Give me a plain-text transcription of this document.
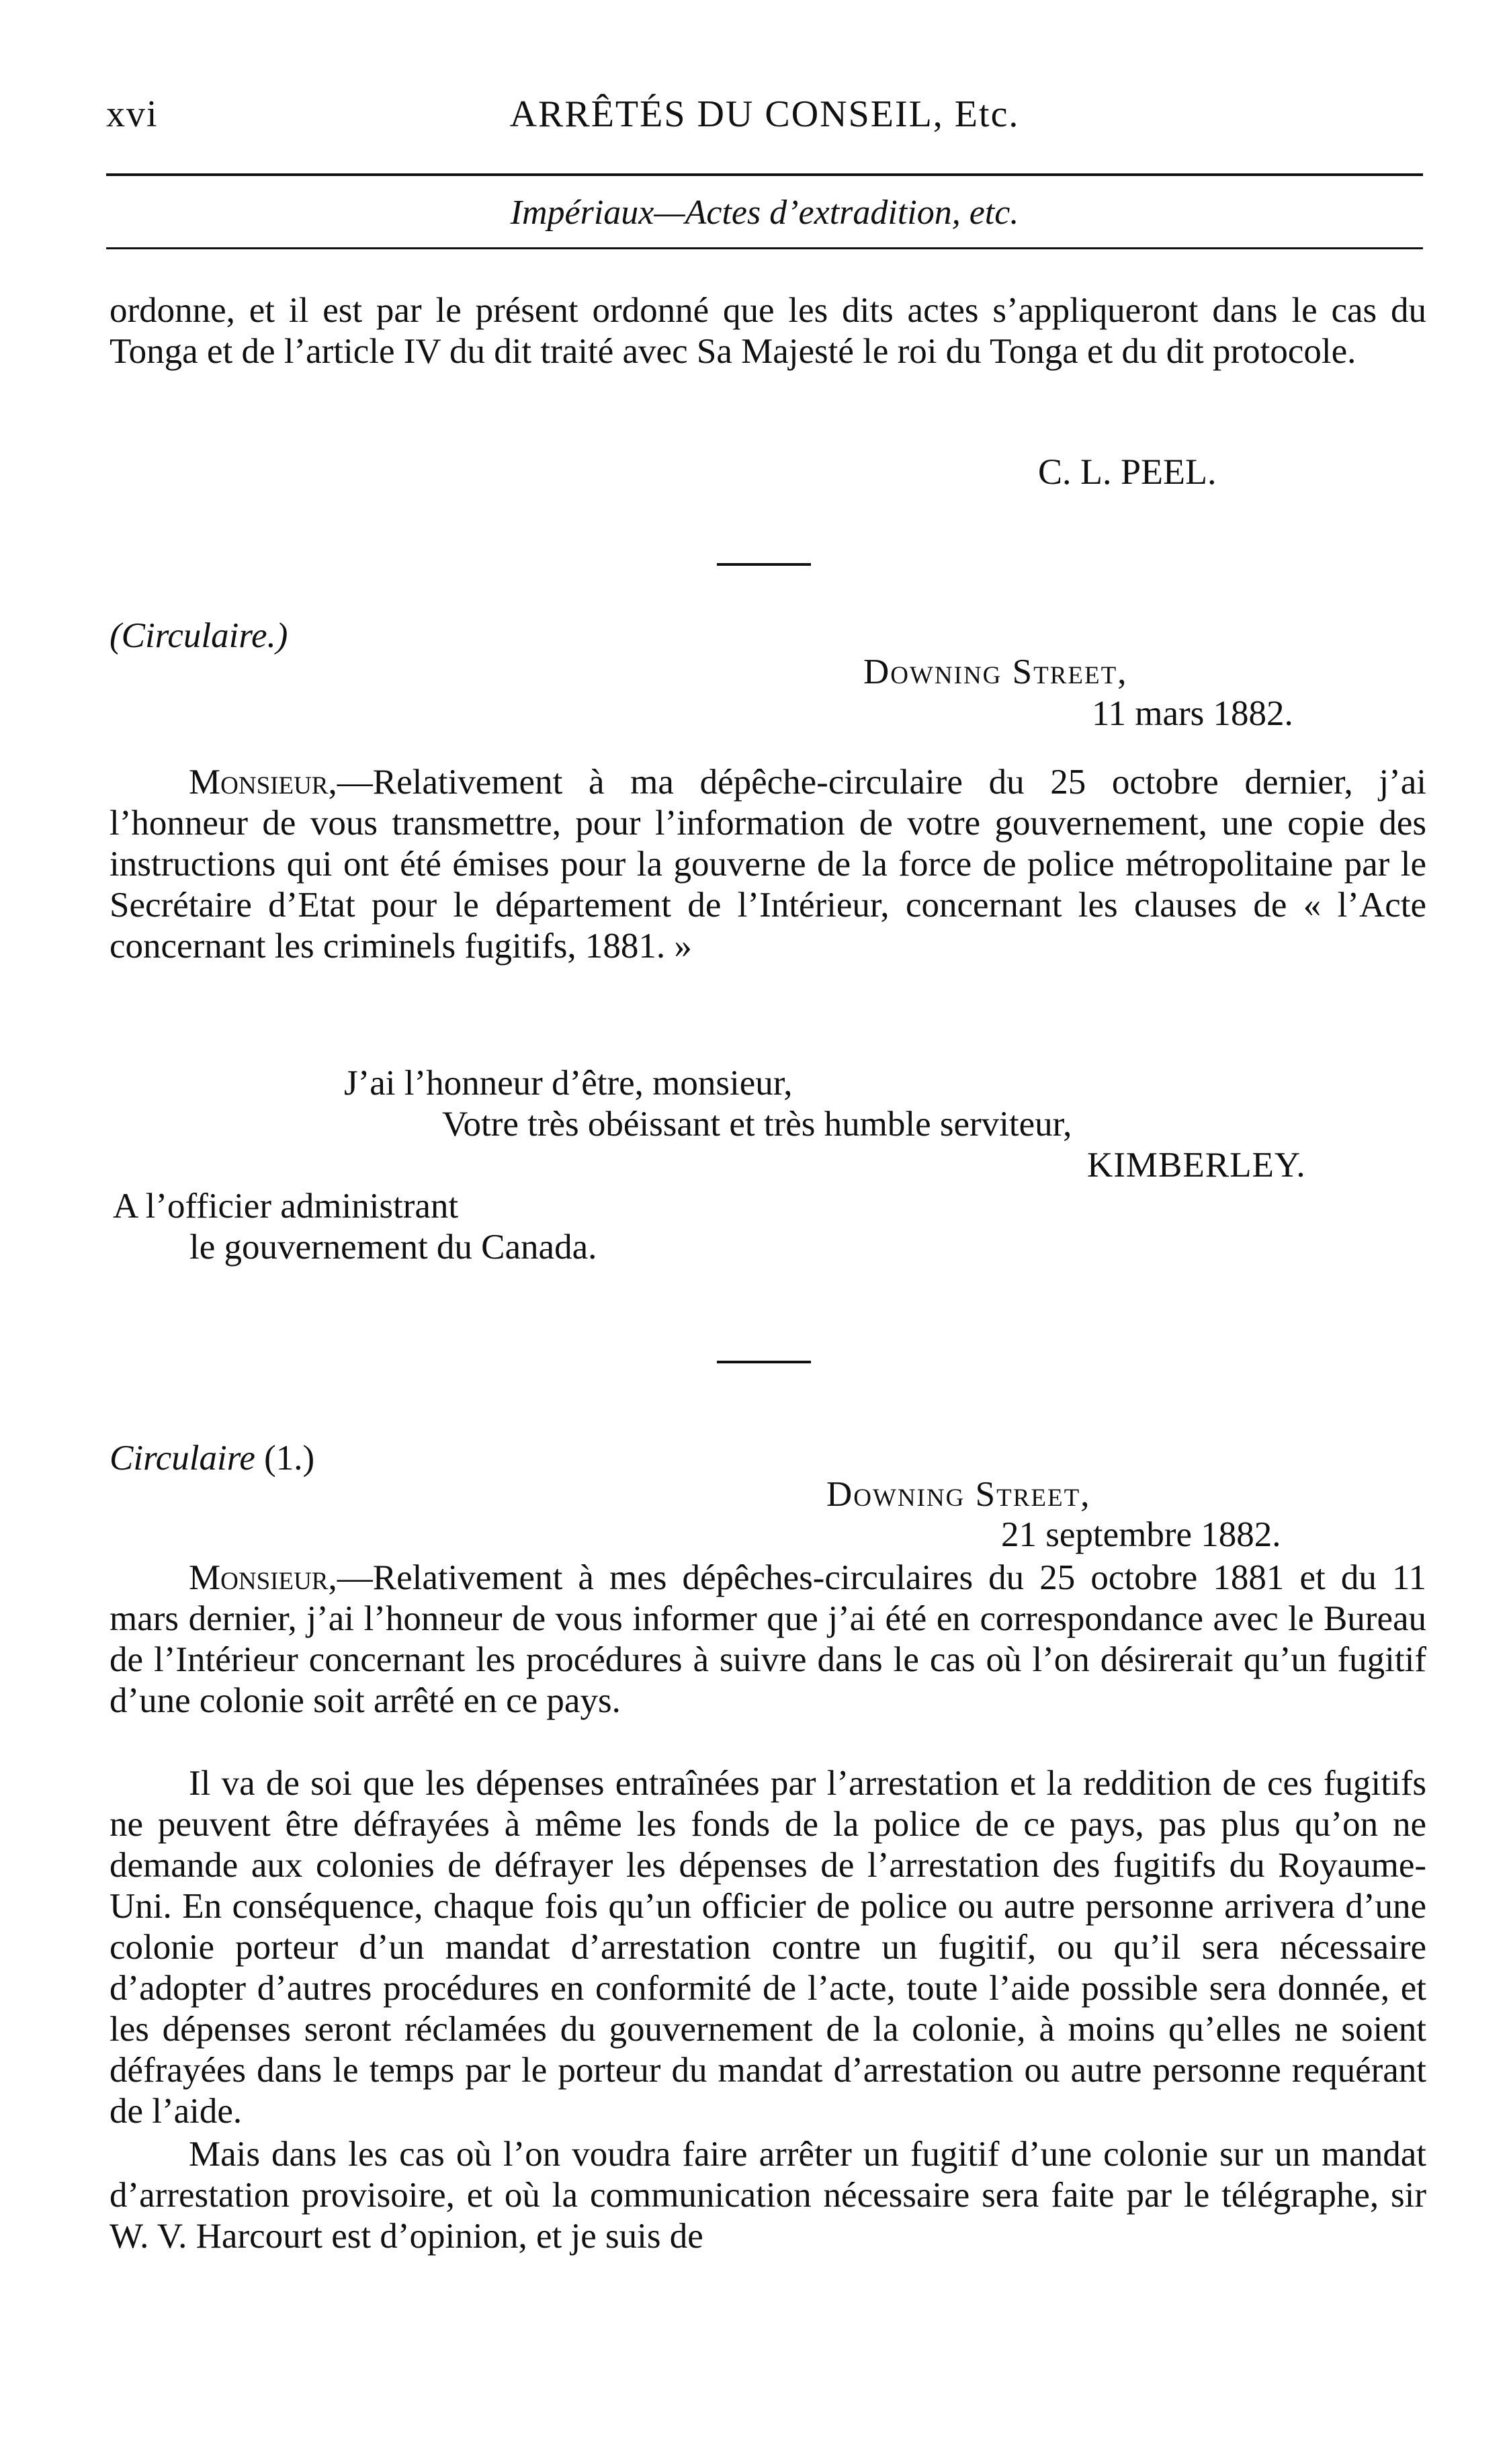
xvi	ARRÊTÉS DU CONSEIL, Etc.
Impériaux—Actes d’extradition, etc.
ordonne, et il est par le présent ordonné que les dits actes s’appliqueront dans le cas du Tonga et de l’article IV du dit traité avec Sa Majesté le roi du Tonga et du dit protocole.
C. L. PEEL.
(Circulaire.)
Downing Street,
11 mars 1882.
Monsieur,—Relativement à ma dépêche-circulaire du 25 octobre dernier, j’ai l’honneur de vous transmettre, pour l’information de votre gouvernement, une copie des instructions qui ont été émises pour la gouverne de la force de police métropolitaine par le Secrétaire d’Etat pour le département de l’Intérieur, concernant les clauses de « l’Acte concernant les criminels fugitifs, 1881. »
J’ai l’honneur d’être, monsieur,
Votre très obéissant et très humble serviteur,
KIMBERLEY.
A l’officier administrant
le gouvernement du Canada.
Circulaire (1.)
Downing Street,
21 septembre 1882.
Monsieur,—Relativement à mes dépêches-circulaires du 25 octobre 1881 et du 11 mars dernier, j’ai l’honneur de vous informer que j’ai été en correspondance avec le Bureau de l’Intérieur concernant les procédures à suivre dans le cas où l’on désirerait qu’un fugitif d’une colonie soit arrêté en ce pays.
Il va de soi que les dépenses entraînées par l’arrestation et la reddition de ces fugitifs ne peuvent être défrayées à même les fonds de la police de ce pays, pas plus qu’on ne demande aux colonies de défrayer les dépenses de l’arrestation des fugitifs du Royaume-Uni. En conséquence, chaque fois qu’un officier de police ou autre personne arrivera d’une colonie porteur d’un mandat d’arrestation contre un fugitif, ou qu’il sera nécessaire d’adopter d’autres procédures en conformité de l’acte, toute l’aide possible sera donnée, et les dépenses seront réclamées du gouvernement de la colonie, à moins qu’elles ne soient défrayées dans le temps par le porteur du mandat d’arrestation ou autre personne requérant de l’aide.
Mais dans les cas où l’on voudra faire arrêter un fugitif d’une colonie sur un mandat d’arrestation provisoire, et où la communication nécessaire sera faite par le télégraphe, sir W. V. Harcourt est d’opinion, et je suis de
